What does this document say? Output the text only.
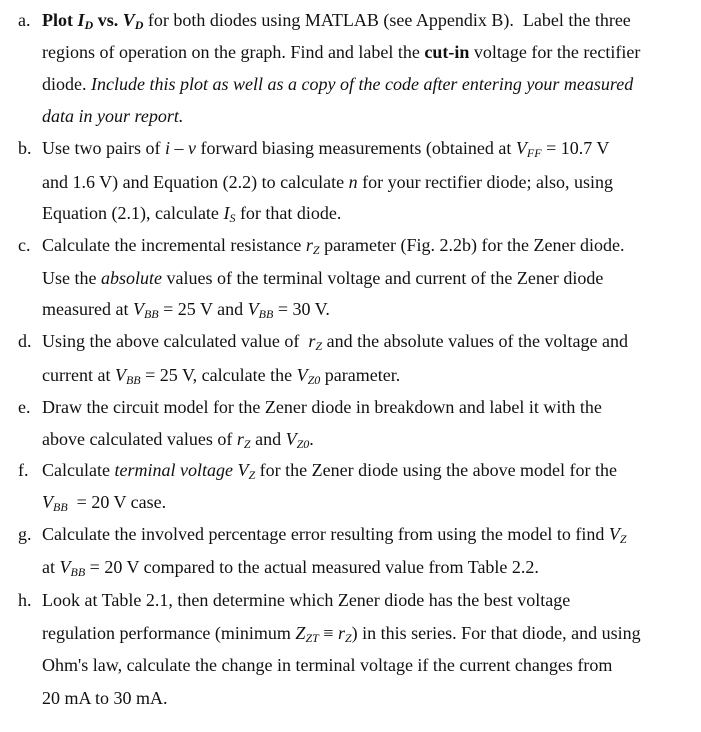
a. Plot $I_D$ vs. $V_D$ for both diodes using MATLAB (see Appendix B).  Label the three
regions of operation on the graph. Find and label the cut-in voltage for the rectifier
diode. Include this plot as well as a copy of the code after entering your measured
data in your report.
b. Use two pairs of i – v forward biasing measurements (obtained at $V_{FF} = 10.7$ V
and 1.6 V) and Equation (2.2) to calculate n for your rectifier diode; also, using
Equation (2.1), calculate $I_S$ for that diode.
c. Calculate the incremental resistance $r_Z$ parameter (Fig. 2.2b) for the Zener diode.
Use the absolute values of the terminal voltage and current of the Zener diode
measured at $V_{BB} = 25$ V and $V_{BB} = 30$ V.
d. Using the above calculated value of  $r_Z$ and the absolute values of the voltage and
current at $V_{BB} = 25$ V, calculate the $V_{Z0}$ parameter.
e. Draw the circuit model for the Zener diode in breakdown and label it with the
above calculated values of $r_Z$ and $V_{Z0}$.
f. Calculate terminal voltage $V_Z$ for the Zener diode using the above model for the
$V_{BB} = 20$ V case.
g. Calculate the involved percentage error resulting from using the model to find $V_Z$
at $V_{BB} = 20$ V compared to the actual measured value from Table 2.2.
h. Look at Table 2.1, then determine which Zener diode has the best voltage
regulation performance (minimum $Z_{ZT} \equiv r_Z$) in this series. For that diode, and using
Ohm's law, calculate the change in terminal voltage if the current changes from
20 mA to 30 mA.
